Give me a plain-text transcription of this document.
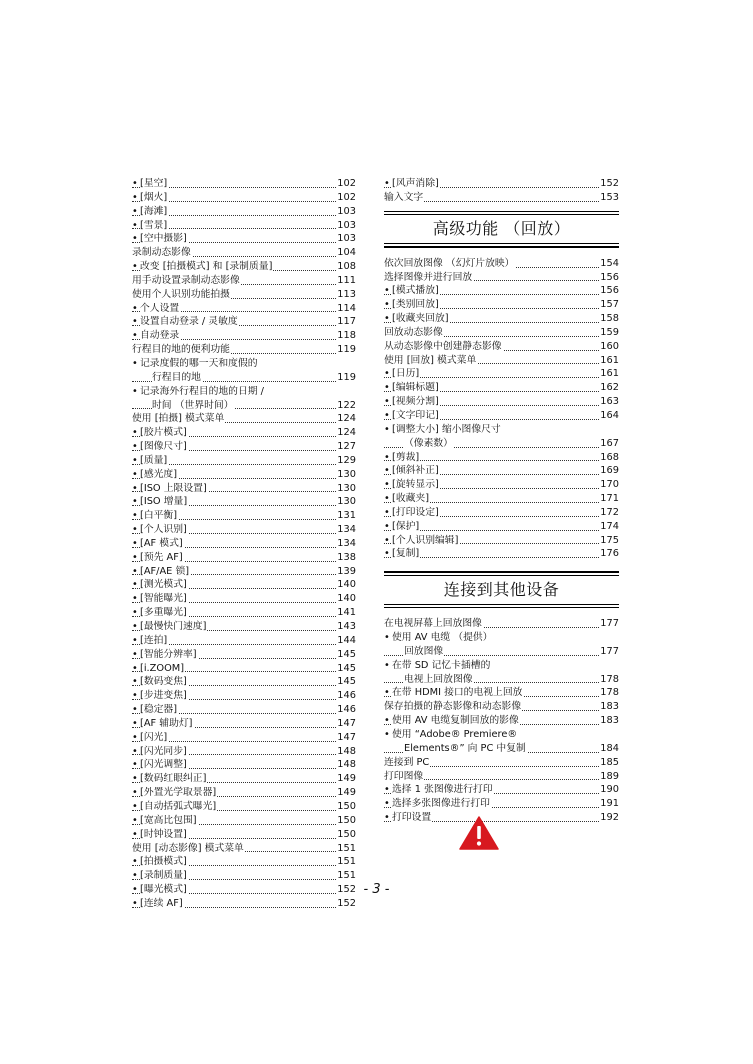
• [星空]	102
• [烟火]	102
• [海滩]	103
• [雪景]	103
• [空中摄影]	103
录制动态影像	104
• 改变 [拍摄模式] 和 [录制质量]	108
用手动设置录制动态影像	111
使用个人识别功能拍摄	113
• 个人设置	114
• 设置自动登录 / 灵敏度	117
• 自动登录	118
行程目的地的便利功能	119
• 记录度假的哪一天和度假的
行程目的地	119
• 记录海外行程目的地的日期 /
时间 （世界时间）	122
使用 [拍摄] 模式菜单	124
• [胶片模式]	124
• [图像尺寸]	127
• [质量]	129
• [感光度]	130
• [ISO 上限设置]	130
• [ISO 增量]	130
• [白平衡]	131
• [个人识别]	134
• [AF 模式]	134
• [预先 AF]	138
• [AF/AE 锁]	139
• [测光模式]	140
• [智能曝光]	140
• [多重曝光]	141
• [最慢快门速度]	143
• [连拍]	144
• [智能分辨率]	145
• [i.ZOOM]	145
• [数码变焦]	145
• [步进变焦]	146
• [稳定器]	146
• [AF 辅助灯]	147
• [闪光]	147
• [闪光同步]	148
• [闪光调整]	148
• [数码红眼纠正]	149
• [外置光学取景器]	149
• [自动括弧式曝光]	150
• [宽高比包围]	150
• [时钟设置]	150
使用 [动态影像] 模式菜单	151
• [拍摄模式]	151
• [录制质量]	151
• [曝光模式]	152
• [连续 AF]	152
• [风声消除]	152
输入文字	153
高级功能 （回放）
依次回放图像 （幻灯片放映）	154
选择图像并进行回放	156
• [模式播放]	156
• [类别回放]	157
• [收藏夹回放]	158
回放动态影像	159
从动态影像中创建静态影像	160
使用 [回放] 模式菜单	161
• [日历]	161
• [编辑标题]	162
• [视频分割]	163
• [文字印记]	164
• [调整大小] 缩小图像尺寸
（像素数）	167
• [剪裁]	168
• [倾斜补正]	169
• [旋转显示]	170
• [收藏夹]	171
• [打印设定]	172
• [保护]	174
• [个人识别编辑]	175
• [复制]	176
连接到其他设备
在电视屏幕上回放图像	177
• 使用 AV 电缆 （提供）
回放图像	177
• 在带 SD 记忆卡插槽的
电视上回放图像	178
• 在带 HDMI 接口的电视上回放	178
保存拍摄的静态影像和动态影像	183
• 使用 AV 电缆复制回放的影像	183
• 使用 “Adobe® Premiere®
Elements®” 向 PC 中复制	184
连接到 PC	185
打印图像	189
• 选择 1 张图像进行打印	190
• 选择多张图像进行打印	191
• 打印设置	192
- 3 -
